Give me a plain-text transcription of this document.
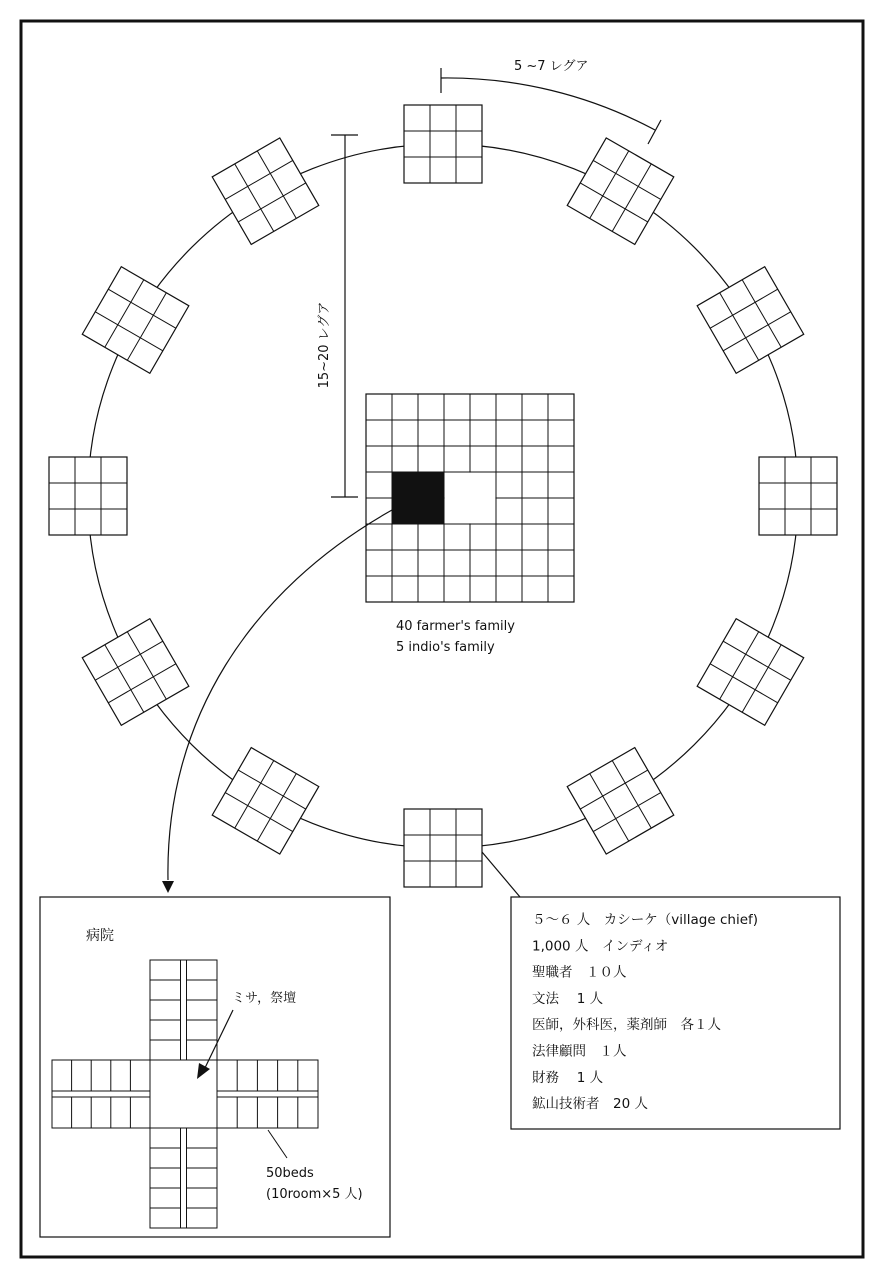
5 ~7 レグア
15~20 レグア
40 farmer's family
5 indio's family
病院
ミサ，祭壇
50beds
(10room×5 人)
５～６ 人　カシーケ（village chief)
1,000 人　インディオ
聖職者　１０人
文法　 1 人
医師，外科医，薬剤師　各１人
法律顧問　１人
財務　 1 人
鉱山技術者　20 人
